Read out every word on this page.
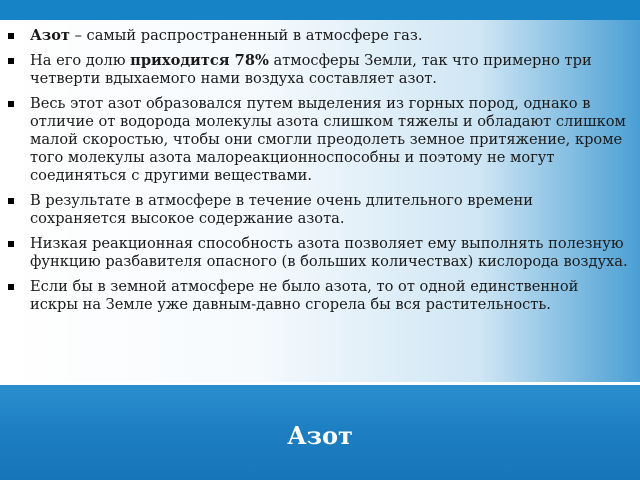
Азот – самый распространенный в атмосфере газ.
На его долю приходится 78% атмосферы Земли, так что примерно три четверти вдыхаемого нами воздуха составляет азот.
Весь этот азот образовался путем выделения из горных пород, однако в отличие от водорода молекулы азота слишком тяжелы и обладают слишком малой скоростью, чтобы они смогли преодолеть земное притяжение, кроме того молекулы азота малореакционноспособны и поэтому не могут соединяться с другими веществами.
В результате в атмосфере в течение очень длительного времени сохраняется высокое содержание азота.
Низкая реакционная способность азота позволяет ему выполнять полезную функцию разбавителя опасного (в больших количествах) кислорода воздуха.
Если бы в земной атмосфере не было азота, то от одной единственной искры на Земле уже давным-давно сгорела бы вся растительность.
Азот
